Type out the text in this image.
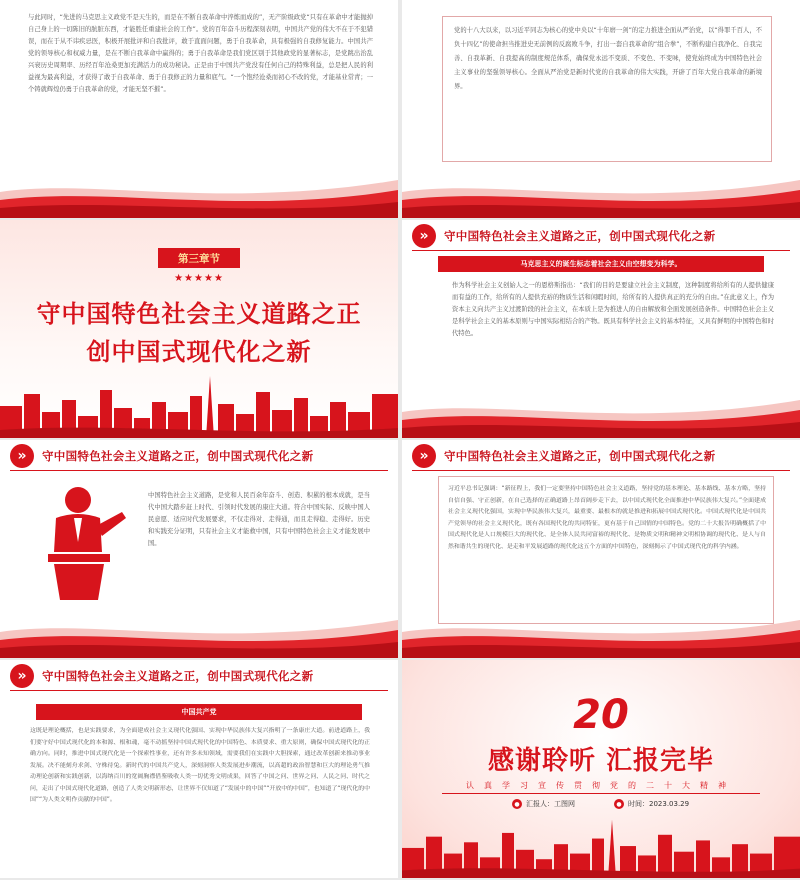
与此同时，“先进的马克思主义政党不是天生的，而是在不断自我革命中淬炼而成的”，无产阶级政党“只有在革命中才能抛掉自己身上的一切陈旧的肮脏东西，才能胜任重建社会的工作”。党的百年奋斗历程深刻表明，中国共产党的伟大不在于不犯错误，而在于从不讳疾忌医，积极开展批评和自我批评，敢于直面问题，勇于自我革命，具有极强的自我修复能力。中国共产党的领导核心和权威力量，是在不断自我革命中赢得的；勇于自我革命是我们党区别于其他政党的显著标志，是党跳出治乱兴衰历史周期率、历经百年沧桑更加充满活力的成功秘诀。正是由于中国共产党没有任何自己的特殊利益，总是把人民的利益视为最高利益，才获得了敢于自我革命、勇于自我修正的力量和底气。“一个饱经沧桑而初心不改的党，才能基业常青；一个铸就辉煌仍勇于自我革命的党，才能无坚不摧”。
党的十八大以来，以习近平同志为核心的党中央以“十年磨一剑”的定力推进全面从严治党，以“得罪千百人，不负十四亿”的使命担当推进史无前例的反腐败斗争，打出一套自我革命的“组合拳”，不断构建自我净化、自我完善、自我革新、自我提高的制度规范体系，确保党永远不变质、不变色、不变味，使党始终成为中国特色社会主义事业的坚强领导核心。全面从严治党是新时代党的自我革命的伟大实践，开辟了百年大党自我革命的新境界。
第三章节
★★★★★
守中国特色社会主义道路之正
创中国式现代化之新
»	守中国特色社会主义道路之正，创中国式现代化之新
马克思主义的诞生标志着社会主义由空想变为科学。
作为科学社会主义创始人之一的恩格斯指出：“我们的目的是要建立社会主义制度，这种制度将给所有的人提供健康而有益的工作，给所有的人提供充裕的物质生活和闲暇时间，给所有的人提供真正的充分的自由。”在此意义上，作为资本主义向共产主义过渡阶段的社会主义，在本质上是为推进人的自由解放和全面发展创造条件。中国特色社会主义是科学社会主义的基本原则与中国实际相结合的产物。既具有科学社会主义的基本特征，又具有鲜明的中国特色和时代特色。
»	守中国特色社会主义道路之正，创中国式现代化之新
中国特色社会主义道路，是党和人民百余年奋斗、创造、积累的根本成就，是当代中国大踏步赶上时代、引领时代发展的康庄大道。符合中国实际、反映中国人民意愿、适应时代发展要求，不仅走得对、走得通，而且走得稳、走得好。历史和实践充分证明，只有社会主义才能救中国，只有中国特色社会主义才能发展中国。
»	守中国特色社会主义道路之正，创中国式现代化之新
习近平总书记强调：“新征程上，我们一定要坚持中国特色社会主义道路，坚持党的基本理论、基本路线、基本方略，坚持自信自强、守正创新，在自己选择的正确道路上昂首阔步走下去，以中国式现代化全面推进中华民族伟大复兴。”全面建成社会主义现代化强国，实现中华民族伟大复兴，最重要、最根本的就是推进和拓展中国式现代化。中国式现代化是中国共产党领导的社会主义现代化，既有各国现代化的共同特征，更有基于自己国情的中国特色。党的二十大报告明确概括了中国式现代化是人口规模巨大的现代化、是全体人民共同富裕的现代化、是物质文明和精神文明相协调的现代化、是人与自然和谐共生的现代化、是走和平发展道路的现代化这五个方面的中国特色，深刻揭示了中国式现代化的科学内涵。
»	守中国特色社会主义道路之正，创中国式现代化之新
中国共产党
这既是理论概括，也是实践要求，为全面建成社会主义现代化强国、实现中华民族伟大复兴指明了一条康庄大道。前进道路上，我们要守好中国式现代化的本和源、根和魂，毫不动摇坚持中国式现代化的中国特色、本质要求、重大原则，确保中国式现代化的正确方向。同时，推进中国式现代化是一个探索性事业，还有许多未知领域，需要我们在实践中大胆探索，通过改革创新来推动事业发展。决不能刻舟求剑、守株待兔。新时代的中国共产党人，深刻洞察人类发展进步潮流，以高超的政治智慧和巨大的理论勇气推动理论创新和实践创新，以海纳百川的宽阔胸襟借鉴吸收人类一切优秀文明成果，回答了中国之问、世界之问、人民之问、时代之问，走出了中国式现代化道路，创造了人类文明新形态，让世界不仅知道了“发展中的中国”“开放中的中国”，也知道了“现代化的中国”“为人类文明作贡献的中国”。
20
感谢聆听 汇报完毕
认真学习宣传贯彻党的二十大精神
● 汇报人：工图网	● 时间：2023.03.29
